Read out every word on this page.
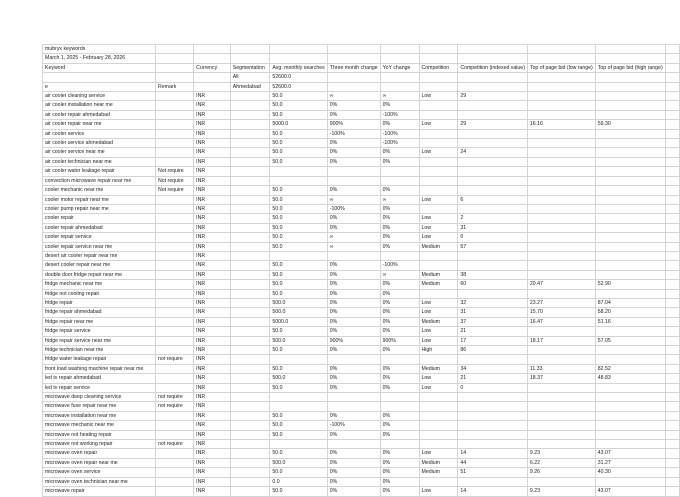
mubryx keywords											
March 1, 2025 - February 28, 2026											
Keyword		Currency	Segmentation	Avg. monthly searches	Three month change	YoY change	Competition	Competition (indexed value)	Top of page bid (low range)	Top of page bid (high range)	
			All	52600.0							
e	Remark		Ahmedabad	52600.0							
air cooler cleaning service		INR		50.0	∞	∞	Low	29			
air cooler installation near me		INR		50.0	0%	0%					
air cooler repair ahmedabad		INR		50.0	0%	-100%					
air cooler repair near me		INR		5000.0	900%	0%	Low	29	16.16	59.30	
air cooler service		INR		50.0	-100%	-100%					
air cooler service ahmedabad		INR		50.0	0%	-100%					
air cooler service near me		INR		50.0	0%	0%	Low	24			
air cooler technician near me		INR		50.0	0%	0%					
air cooler water leakage repair	Not require	INR									
convection microwave repair near me	Not require	INR									
cooler mechanic near me	Not require	INR		50.0	0%	0%					
cooler motor repair near me		INR		50.0	∞	∞	Low	6			
cooler pump repair near me		INR		50.0	-100%	0%					
cooler repair		INR		50.0	0%	0%	Low	2			
cooler repair ahmedabad		INR		50.0	0%	0%	Low	31			
cooler repair service		INR		50.0	∞	0%	Low	0			
cooler repair service near me		INR		50.0	∞	0%	Medium	57			
desert air cooler repair near me		INR									
desert cooler repair near me		INR		50.0	0%	-100%					
double door fridge repair near me		INR		50.0	0%	∞	Medium	38			
fridge mechanic near me		INR		50.0	0%	0%	Medium	60	20.47	52.90	
fridge not cooling repair		INR		50.0	0%	0%					
fridge repair		INR		500.0	0%	0%	Low	32	23.27	87.04	
fridge repair ahmedabad		INR		500.0	0%	0%	Low	31	15.70	58.20	
fridge repair near me		INR		5000.0	0%	0%	Medium	37	16.47	51.16	
fridge repair service		INR		50.0	0%	0%	Low	21			
fridge repair service near me		INR		500.0	900%	900%	Low	17	18.17	57.05	
fridge technician near me		INR		50.0	0%	0%	High	86			
fridge water leakage repair	not require	INR									
front load washing machine repair near me		INR		50.0	0%	0%	Medium	34	11.33	82.52	
led tv repair ahmedabad		INR		500.0	0%	0%	Low	21	18.37	48.83	
led tv repair service		INR		50.0	0%	0%	Low	0			
microwave deep cleaning service	not require	INR									
microwave fuse repair near me	not require	INR									
microwave installation near me		INR		50.0	0%	0%					
microwave mechanic near me		INR		50.0	-100%	0%					
microwave not heating repair		INR		50.0	0%	0%					
microwave not working repair	not require	INR									
microwave oven repair		INR		50.0	0%	0%	Low	14	9.23	43.07	
microwave oven repair near me		INR		500.0	0%	0%	Medium	44	6.22	31.27	
microwave oven service		INR		50.0	0%	0%	Medium	51	9.26	40.30	
microwave oven technician near me		INR		0.0	0%	0%					
microwave repair		INR		50.0	0%	0%	Low	14	9.23	43.07	
